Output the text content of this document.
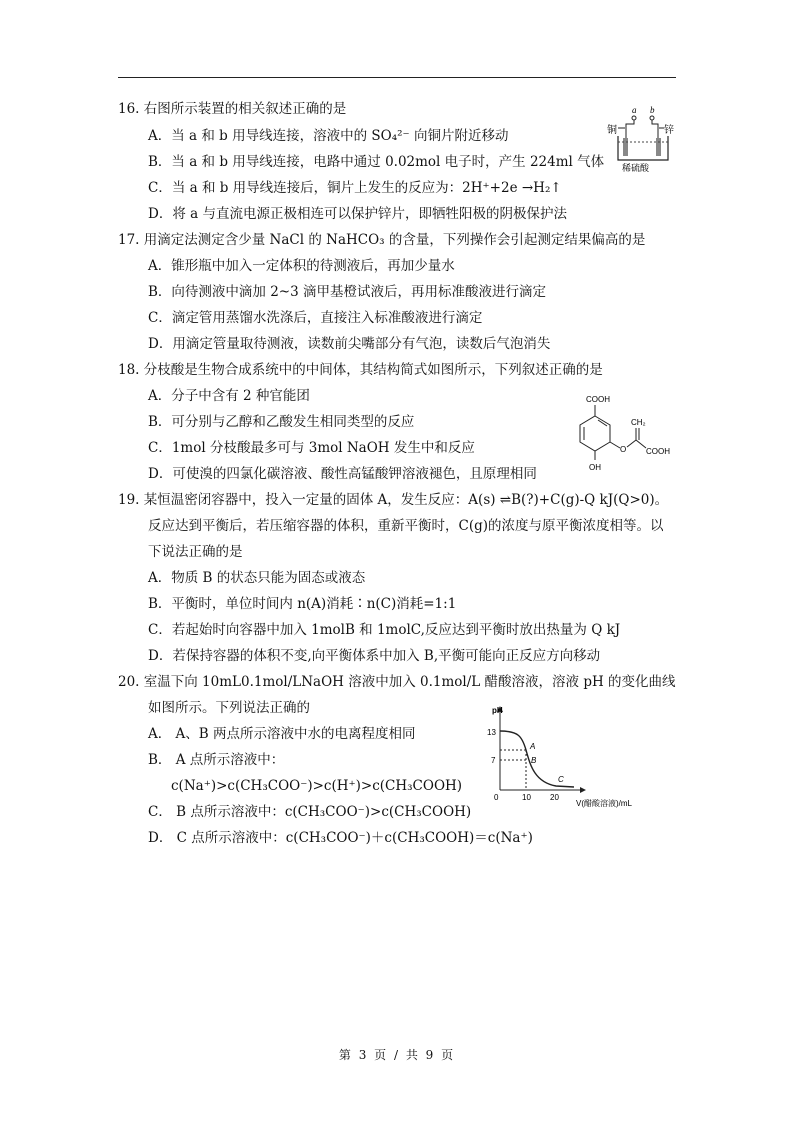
16. 右图所示装置的相关叙述正确的是
A．当 a 和 b 用导线连接，溶液中的 SO₄²⁻ 向铜片附近移动
B．当 a 和 b 用导线连接，电路中通过 0.02mol 电子时，产生 224ml 气体
C．当 a 和 b 用导线连接后，铜片上发生的反应为：2H⁺+2e →H₂↑
D．将 a 与直流电源正极相连可以保护锌片，即牺牲阳极的阴极保护法
a b
铜	锌
稀硫酸
17. 用滴定法测定含少量 NaCl 的 NaHCO₃ 的含量，下列操作会引起测定结果偏高的是
A．锥形瓶中加入一定体积的待测液后，再加少量水
B．向待测液中滴加 2~3 滴甲基橙试液后，再用标准酸液进行滴定
C．滴定管用蒸馏水洗涤后，直接注入标准酸液进行滴定
D．用滴定管量取待测液，读数前尖嘴部分有气泡，读数后气泡消失
18. 分枝酸是生物合成系统中的中间体，其结构简式如图所示，下列叙述正确的是
A．分子中含有 2 种官能团
B．可分别与乙醇和乙酸发生相同类型的反应
C．1mol 分枝酸最多可与 3mol NaOH 发生中和反应
D．可使溴的四氯化碳溶液、酸性高锰酸钾溶液褪色，且原理相同
COOH
OH
O
CH₂
COOH
19. 某恒温密闭容器中，投入一定量的固体 A，发生反应：A(s) ⇌B(?)+C(g)-Q kJ(Q>0)。
反应达到平衡后，若压缩容器的体积，重新平衡时，C(g)的浓度与原平衡浓度相等。以
下说法正确的是
A．物质 B 的状态只能为固态或液态
B．平衡时，单位时间内 n(A)消耗∶n(C)消耗=1:1
C．若起始时向容器中加入 1molB 和 1molC,反应达到平衡时放出热量为 Q kJ
D．若保持容器的体积不变,向平衡体系中加入 B,平衡可能向正反应方向移动
20. 室温下向 10mL0.1mol/LNaOH 溶液中加入 0.1mol/L 醋酸溶液，溶液 pH 的变化曲线
如图所示。下列说法正确的
A． A、B 两点所示溶液中水的电离程度相同
B． A 点所示溶液中：
c(Na⁺)>c(CH₃COO⁻)>c(H⁺)>c(CH₃COOH)
C． B 点所示溶液中：c(CH₃COO⁻)>c(CH₃COOH)
D． C 点所示溶液中：c(CH₃COO⁻)＋c(CH₃COOH)＝c(Na⁺)
pH
13
7
0	10 20
A
B
C
V(醋酸溶液)/mL
第 3 页 / 共 9 页
